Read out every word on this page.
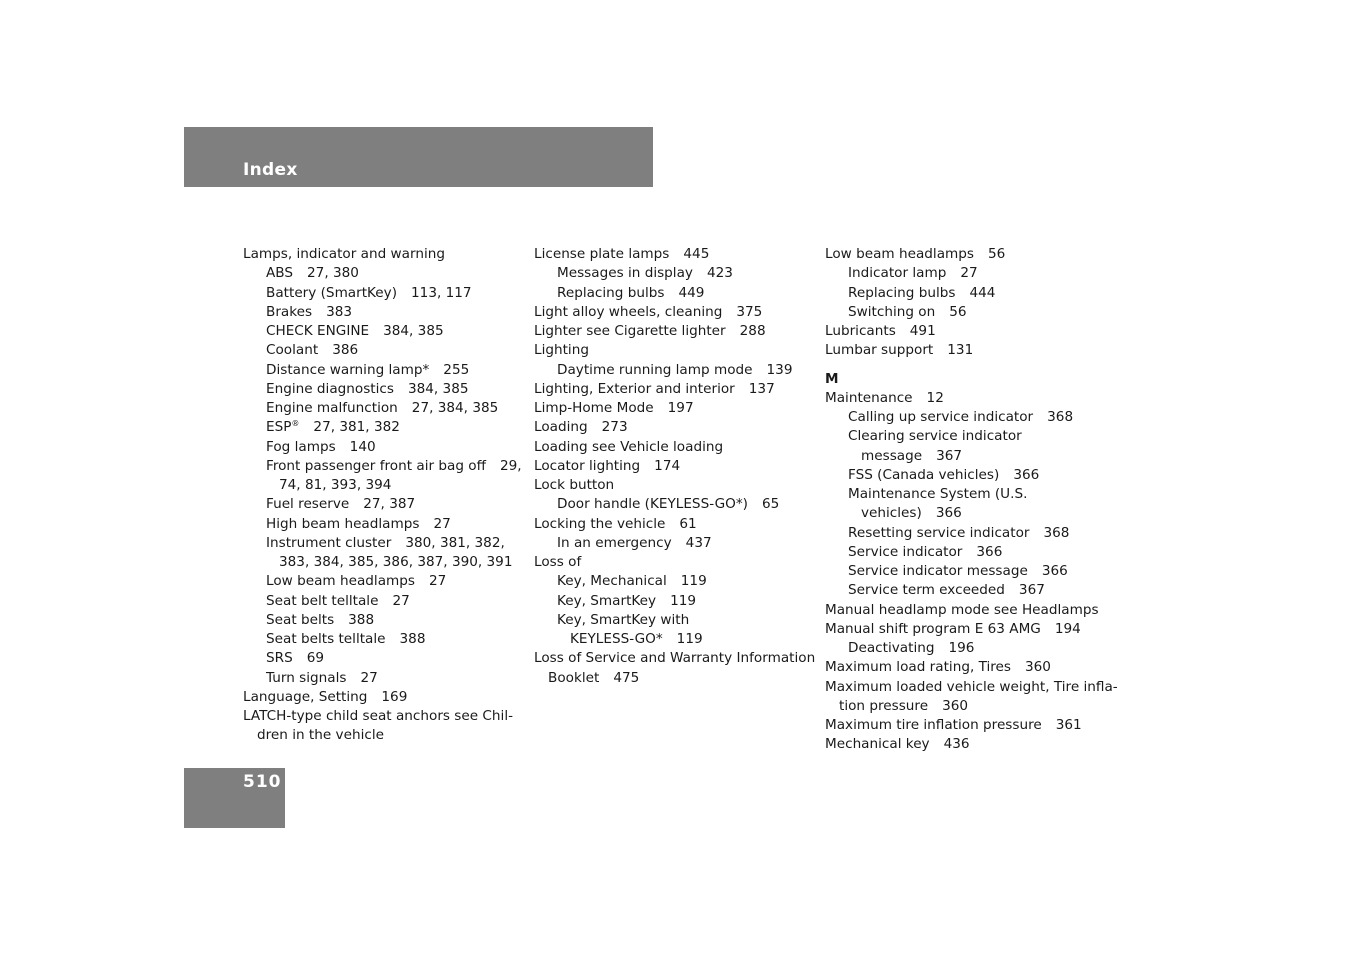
Index
Lamps, indicator and warning
ABS 27, 380
Battery (SmartKey) 113, 117
Brakes 383
CHECK ENGINE 384, 385
Coolant 386
Distance warning lamp* 255
Engine diagnostics 384, 385
Engine malfunction 27, 384, 385
ESP® 27, 381, 382
Fog lamps 140
Front passenger front air bag off 29,
74, 81, 393, 394
Fuel reserve 27, 387
High beam headlamps 27
Instrument cluster 380, 381, 382,
383, 384, 385, 386, 387, 390, 391
Low beam headlamps 27
Seat belt telltale 27
Seat belts 388
Seat belts telltale 388
SRS 69
Turn signals 27
Language, Setting 169
LATCH-type child seat anchors see Chil-
dren in the vehicle
License plate lamps 445
Messages in display 423
Replacing bulbs 449
Light alloy wheels, cleaning 375
Lighter see Cigarette lighter 288
Lighting
Daytime running lamp mode 139
Lighting, Exterior and interior 137
Limp-Home Mode 197
Loading 273
Loading see Vehicle loading
Locator lighting 174
Lock button
Door handle (KEYLESS-GO*) 65
Locking the vehicle 61
In an emergency 437
Loss of
Key, Mechanical 119
Key, SmartKey 119
Key, SmartKey with
KEYLESS-GO* 119
Loss of Service and Warranty Information
Booklet 475
Low beam headlamps 56
Indicator lamp 27
Replacing bulbs 444
Switching on 56
Lubricants 491
Lumbar support 131
M
Maintenance 12
Calling up service indicator 368
Clearing service indicator
message 367
FSS (Canada vehicles) 366
Maintenance System (U.S.
vehicles) 366
Resetting service indicator 368
Service indicator 366
Service indicator message 366
Service term exceeded 367
Manual headlamp mode see Headlamps
Manual shift program E 63 AMG 194
Deactivating 196
Maximum load rating, Tires 360
Maximum loaded vehicle weight, Tire infla-
tion pressure 360
Maximum tire inflation pressure 361
Mechanical key 436
510
